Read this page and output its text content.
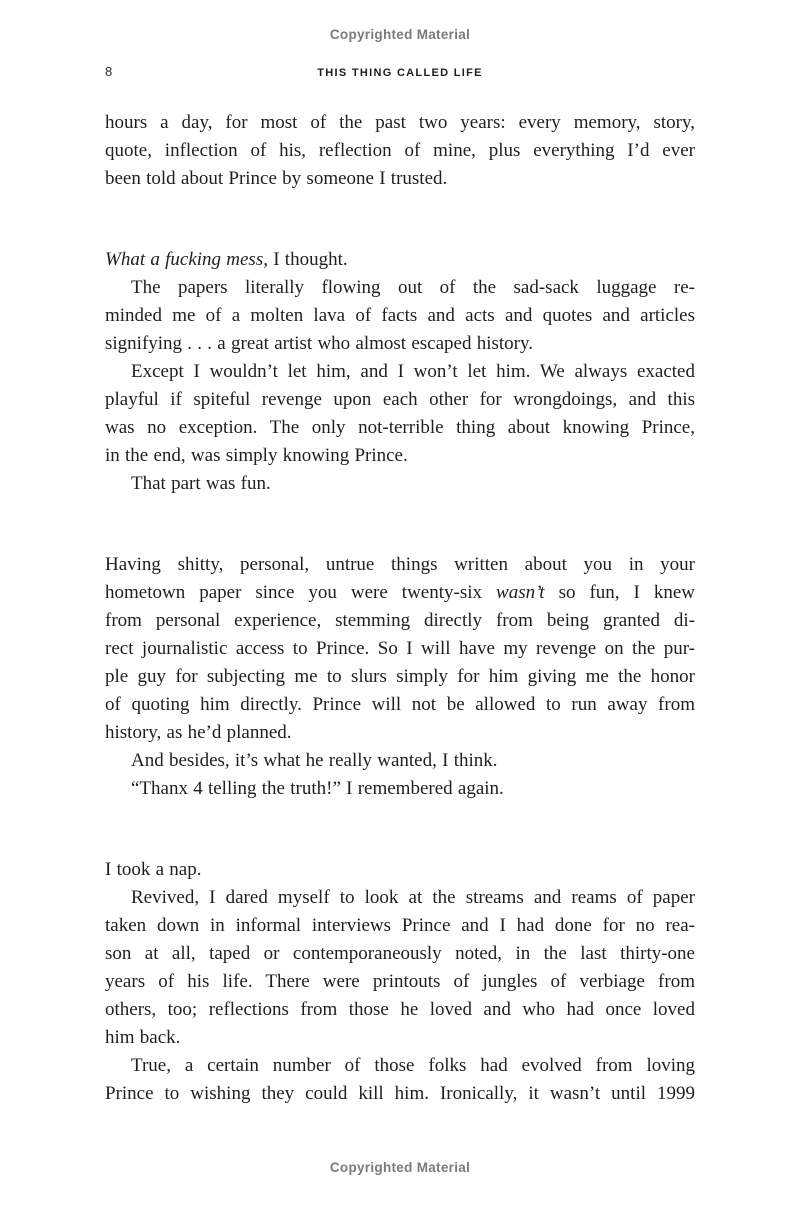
Copyrighted Material
8	THIS THING CALLED LIFE
hours a day, for most of the past two years: every memory, story,
quote, inflection of his, reflection of mine, plus everything I’d ever
been told about Prince by someone I trusted.
What a fucking mess, I thought.
The papers literally flowing out of the sad-sack luggage re-
minded me of a molten lava of facts and acts and quotes and articles
signifying . . . a great artist who almost escaped history.
Except I wouldn’t let him, and I won’t let him. We always exacted
playful if spiteful revenge upon each other for wrongdoings, and this
was no exception. The only not-terrible thing about knowing Prince,
in the end, was simply knowing Prince.
That part was fun.
Having shitty, personal, untrue things written about you in your
hometown paper since you were twenty-six wasn’t so fun, I knew
from personal experience, stemming directly from being granted di-
rect journalistic access to Prince. So I will have my revenge on the pur-
ple guy for subjecting me to slurs simply for him giving me the honor
of quoting him directly. Prince will not be allowed to run away from
history, as he’d planned.
And besides, it’s what he really wanted, I think.
“Thanx 4 telling the truth!” I remembered again.
I took a nap.
Revived, I dared myself to look at the streams and reams of paper
taken down in informal interviews Prince and I had done for no rea-
son at all, taped or contemporaneously noted, in the last thirty-one
years of his life. There were printouts of jungles of verbiage from
others, too; reflections from those he loved and who had once loved
him back.
True, a certain number of those folks had evolved from loving
Prince to wishing they could kill him. Ironically, it wasn’t until 1999
Copyrighted Material
